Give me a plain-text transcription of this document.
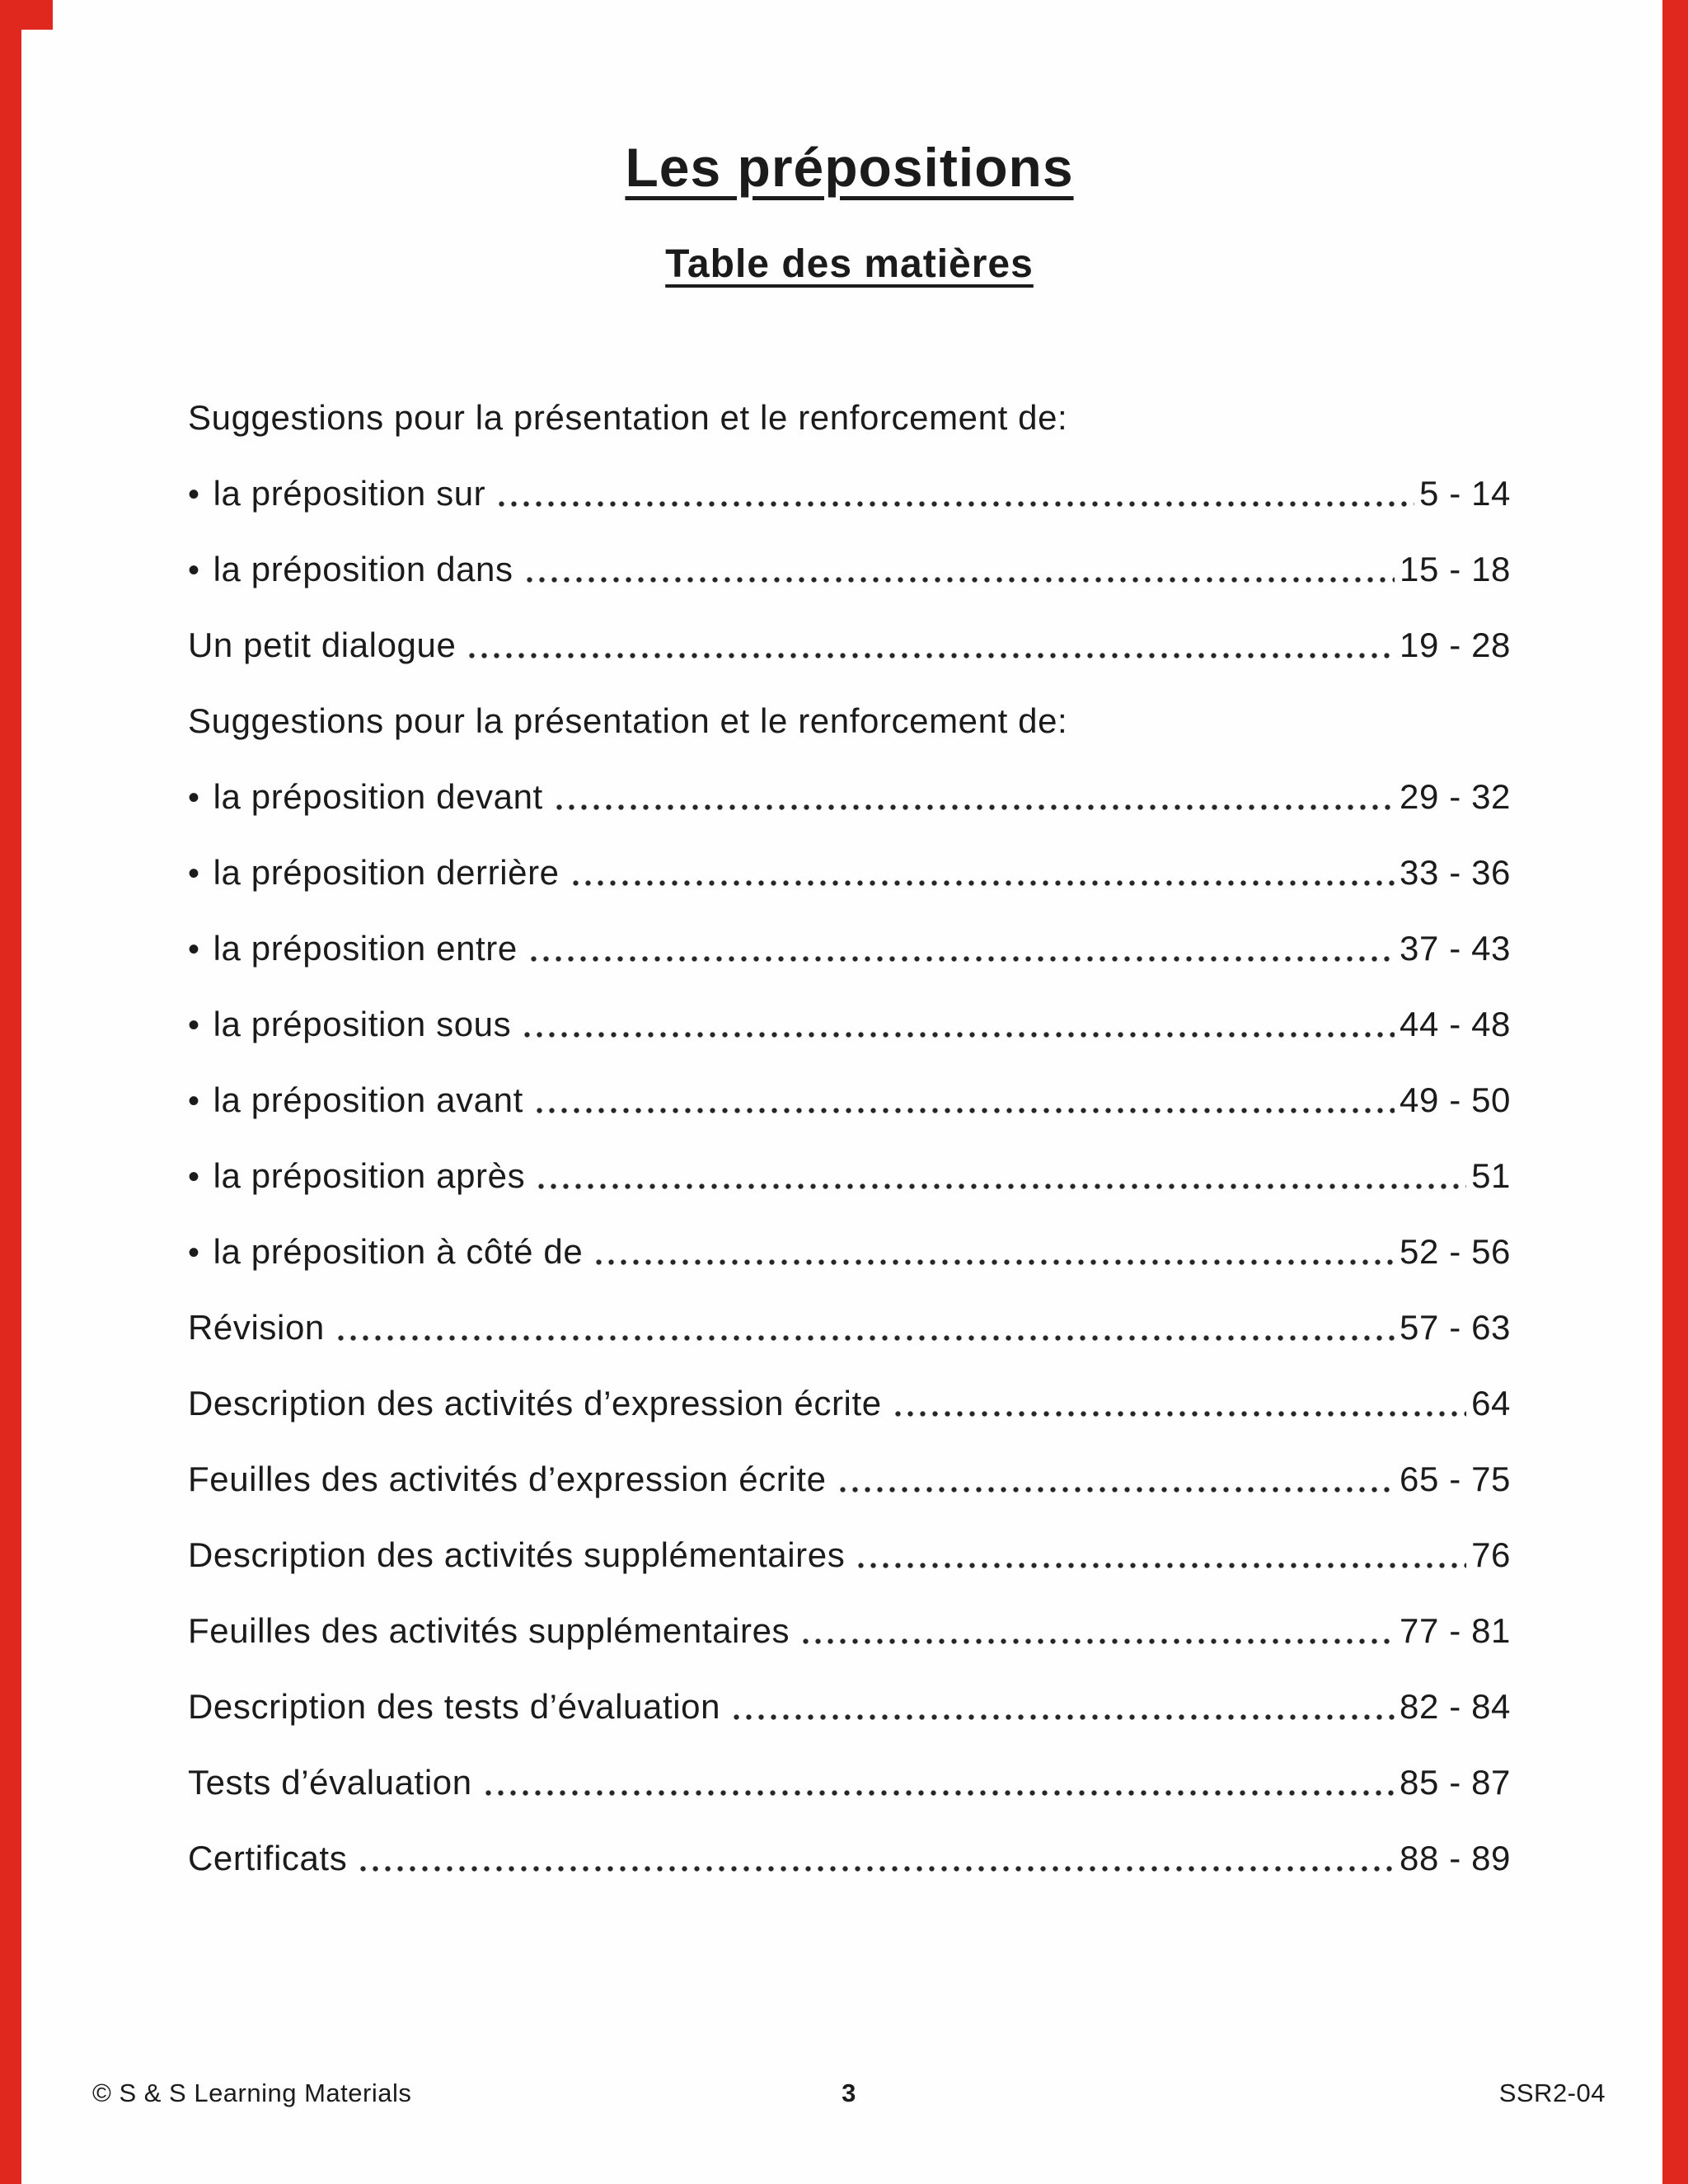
Les prépositions
Table des matières
Suggestions pour la présentation et le renforcement de:
• la préposition sur	5 - 14
• la préposition dans	15 - 18
Un petit dialogue	19 - 28
Suggestions pour la présentation et le renforcement de:
• la préposition devant	29 - 32
• la préposition derrière	33 - 36
• la préposition entre	37 - 43
• la préposition sous	44 - 48
• la préposition avant	49 - 50
• la préposition après	51
• la préposition à côté de	52 - 56
Révision	57 - 63
Description des activités d’expression écrite	64
Feuilles des activités d’expression écrite	65 - 75
Description des activités supplémentaires	76
Feuilles des activités supplémentaires	77 - 81
Description des tests d’évaluation	82 - 84
Tests d’évaluation	85 - 87
Certificats	88 - 89
© S & S Learning Materials	3	SSR2-04
